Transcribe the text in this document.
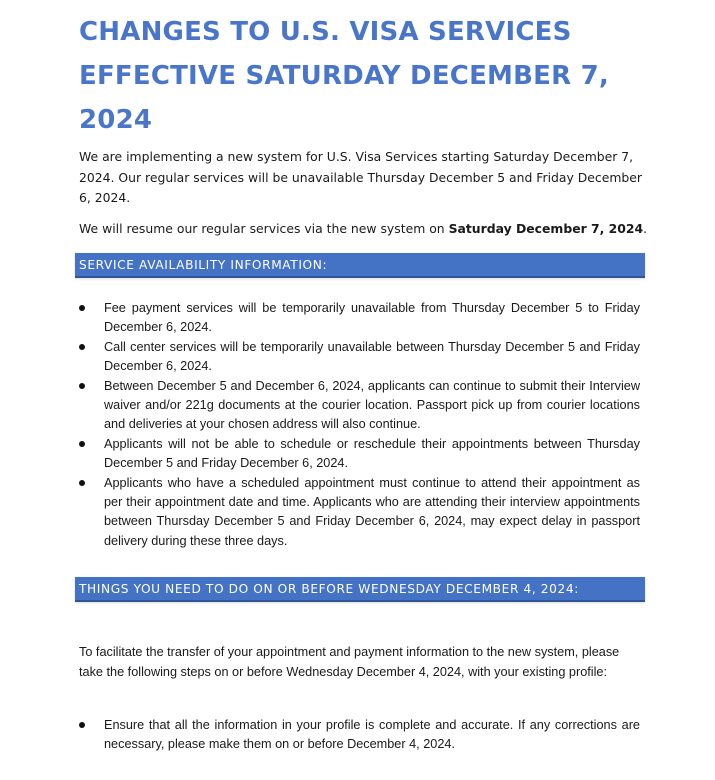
CHANGES TO U.S. VISA SERVICES EFFECTIVE SATURDAY DECEMBER 7, 2024

We are implementing a new system for U.S. Visa Services starting Saturday December 7, 2024. Our regular services will be unavailable Thursday December 5 and Friday December 6, 2024.

We will resume our regular services via the new system on Saturday December 7, 2024.

SERVICE AVAILABILITY INFORMATION:
Fee payment services will be temporarily unavailable from Thursday December 5 to Friday December 6, 2024.
Call center services will be temporarily unavailable between Thursday December 5 and Friday December 6, 2024.
Between December 5 and December 6, 2024, applicants can continue to submit their Interview waiver and/or 221g documents at the courier location. Passport pick up from courier locations and deliveries at your chosen address will also continue.
Applicants will not be able to schedule or reschedule their appointments between Thursday December 5 and Friday December 6, 2024.
Applicants who have a scheduled appointment must continue to attend their appointment as per their appointment date and time. Applicants who are attending their interview appointments between Thursday December 5 and Friday December 6, 2024, may expect delay in passport delivery during these three days.
THINGS YOU NEED TO DO ON OR BEFORE WEDNESDAY DECEMBER 4, 2024:

To facilitate the transfer of your appointment and payment information to the new system, please take the following steps on or before Wednesday December 4, 2024, with your existing profile:

Ensure that all the information in your profile is complete and accurate. If any corrections are necessary, please make them on or before December 4, 2024.
